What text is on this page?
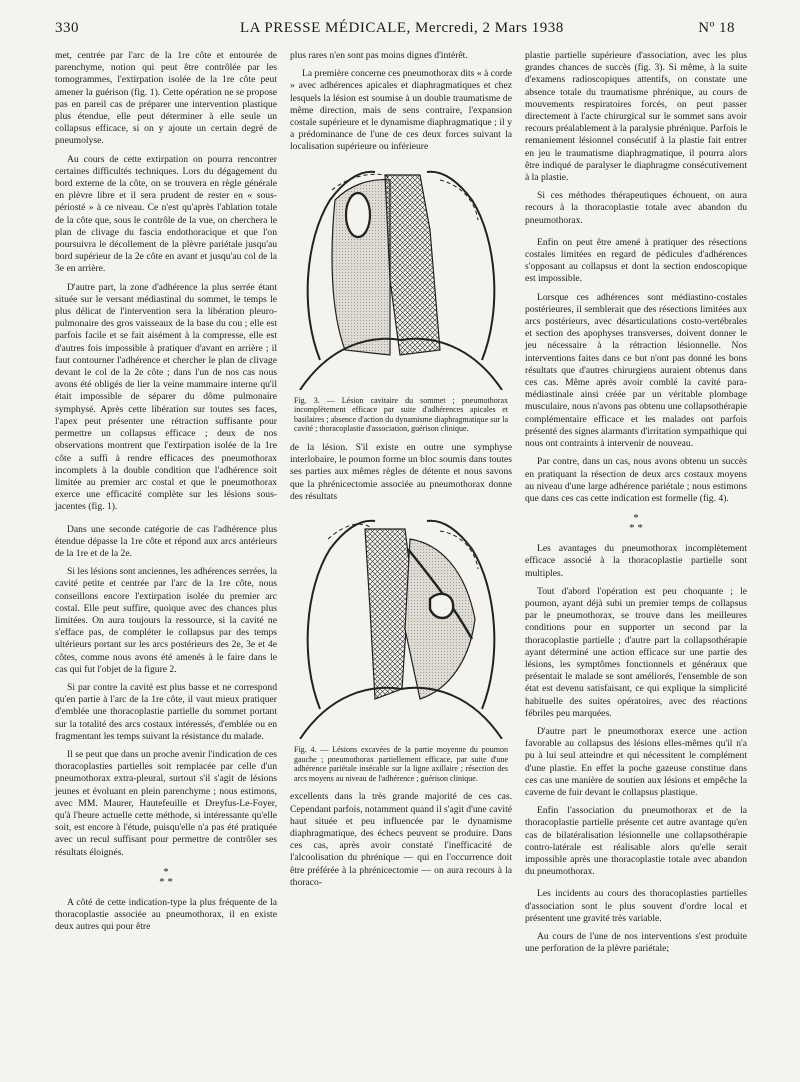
330	LA PRESSE MÉDICALE, Mercredi, 2 Mars 1938	Nº 18

met, centrée par l'arc de la 1re côte et entourée de parenchyme, notion qui peut être contrôlée par les tomogrammes, l'extirpation isolée de la 1re côte peut amener la guérison (fig. 1). Cette opération ne se propose pas en pareil cas de préparer une intervention plastique plus étendue, elle peut déterminer à elle seule un collapsus efficace, si on y ajoute un certain degré de pneumolyse.

Au cours de cette extirpation on pourra rencontrer certaines difficultés techniques. Lors du dégagement du bord externe de la côte, on se trouvera en règle générale en plèvre libre et il sera prudent de rester en « sous-périosté » à ce niveau. Ce n'est qu'après l'ablation totale de la côte que, sous le contrôle de la vue, on cherchera le plan de clivage du fascia endothoracique et que l'on poursuivra le décollement de la plèvre pariétale jusqu'au bord supérieur de la 2e côte en avant et jusqu'au col de la 3e en arrière.

D'autre part, la zone d'adhérence la plus serrée étant située sur le versant médiastinal du sommet, le temps le plus délicat de l'intervention sera la libération pleuro-pulmonaire des gros vaisseaux de la base du cou ; elle est parfois facile et se fait aisément à la compresse, elle est d'autres fois impossible à pratiquer d'avant en arrière ; il faut contourner l'adhérence et chercher le plan de clivage devant le col de la 2e côte ; dans l'un de nos cas nous avons été obligés de lier la veine mammaire interne qu'il était impossible de séparer du dôme pulmonaire symphysé. Après cette libération sur toutes ses faces, l'apex peut présenter une rétraction suffisante pour permettre un collapsus efficace ; deux de nos observations montrent que l'extirpation isolée de la 1re côte a suffi à rendre efficaces des pneumothorax incomplets à la double condition que l'adhérence soit limitée au premier arc costal et que le pneumothorax exerce une efficacité complète sur les lésions sous-jacentes (fig. 1).

Dans une seconde catégorie de cas l'adhérence plus étendue dépasse la 1re côte et répond aux arcs antérieurs de la 1re et de la 2e.

Si les lésions sont anciennes, les adhérences serrées, la cavité petite et centrée par l'arc de la 1re côte, nous conseillons encore l'extirpation isolée du premier arc costal. Elle peut suffire, quoique avec des chances plus limitées. On aura toujours la ressource, si la cavité ne s'efface pas, de compléter le collapsus par des temps ultérieurs portant sur les arcs postérieurs des 2e, 3e et 4e côtes, comme nous avons été amenés à le faire dans le cas qui fut l'objet de la figure 2.

Si par contre la cavité est plus basse et ne correspond qu'en partie à l'arc de la 1re côte, il vaut mieux pratiquer d'emblée une thoracoplastie partielle du sommet portant sur la totalité des arcs costaux intéressés, d'emblée ou en fragmentant les temps suivant la résistance du malade.

Il se peut que dans un proche avenir l'indication de ces thoracoplasties partielles soit remplacée par celle d'un pneumothorax extra-pleural, surtout s'il s'agit de lésions jeunes et évoluant en plein parenchyme ; nous estimons, avec MM. Maurer, Hautefeuille et Dreyfus-Le-Foyer, qu'à l'heure actuelle cette méthode, si intéressante qu'elle soit, est encore à l'étude, puisqu'elle n'a pas été pratiquée avec un recul suffisant pour permettre de contrôler ses résultats éloignés.

*
* *

A côté de cette indication-type la plus fréquente de la thoracoplastie associée au pneumothorax, il en existe deux autres qui pour être

plus rares n'en sont pas moins dignes d'intérêt.

La première concerne ces pneumothorax dits « à corde » avec adhérences apicales et diaphragmatiques et chez lesquels la lésion est soumise à un double traumatisme de même direction, mais de sens contraire, l'expansion costale supérieure et le dynamisme diaphragmatique ; il y a prédominance de l'une de ces deux forces suivant la localisation supérieure ou inférieure

Fig. 3. — Lésion cavitaire du sommet ; pneumothorax incomplètement efficace par suite d'adhérences apicales et basilaires ; absence d'action du dynamisme diaphragmatique sur la cavité ; thoracoplastie d'association, guérison clinique.

de la lésion. S'il existe en outre une symphyse interlobaire, le poumon forme un bloc soumis dans toutes ses parties aux mêmes règles de détente et nous savons que la phrénicectomie associée au pneumothorax donne des résultats

Fig. 4. — Lésions excavées de la partie moyenne du poumon gauche ; pneumothorax partiellement efficace, par suite d'une adhérence pariétale insécable sur la ligne axillaire ; résection des arcs moyens au niveau de l'adhérence ; guérison clinique.

excellents dans la très grande majorité de ces cas. Cependant parfois, notamment quand il s'agit d'une cavité haut située et peu influencée par le dynamisme diaphragmatique, des échecs peuvent se produire. Dans ces cas, après avoir constaté l'inefficacité de l'alcoolisation du phrénique — qui en l'occurrence doit être préférée à la phrénicectomie — on aura recours à la thoraco-

plastie partielle supérieure d'association, avec les plus grandes chances de succès (fig. 3). Si même, à la suite d'examens radioscopiques attentifs, on constate une absence totale du traumatisme phrénique, au cours de mouvements respiratoires forcés, on peut passer directement à l'acte chirurgical sur le sommet sans avoir recours préalablement à la paralysie phrénique. Parfois le remaniement lésionnel consécutif à la plastie fait entrer en jeu le traumatisme diaphragmatique, il pourra alors être indiqué de paralyser le diaphragme consécutivement à la plastie.

Si ces méthodes thérapeutiques échouent, on aura recours à la thoracoplastie totale avec abandon du pneumothorax.

Enfin on peut être amené à pratiquer des résections costales limitées en regard de pédicules d'adhérences s'opposant au collapsus et dont la section endoscopique est impossible.

Lorsque ces adhérences sont médiastino-costales postérieures, il semblerait que des résections limitées aux arcs postérieurs, avec désarticulations costo-vertébrales et section des apophyses transverses, doivent donner le jeu nécessaire à la rétraction lésionnelle. Nos interventions faites dans ce but n'ont pas donné les bons résultats que d'autres chirurgiens auraient obtenus dans ces cas. Même après avoir comblé la cavité para-médiastinale ainsi créée par un véritable plombage musculaire, nous n'avons pas obtenu une collapsothérapie complémentaire efficace et les malades ont parfois présenté des signes alarmants d'irritation sympathique qui nous ont contraints à intervenir de nouveau.

Par contre, dans un cas, nous avons obtenu un succès en pratiquant la résection de deux arcs costaux moyens au niveau d'une large adhérence pariétale ; nous estimons que dans ces cas cette indication est formelle (fig. 4).

*
* *

Les avantages du pneumothorax incomplètement efficace associé à la thoracoplastie partielle sont multiples.

Tout d'abord l'opération est peu choquante ; le poumon, ayant déjà subi un premier temps de collapsus par le pneumothorax, se trouve dans les meilleures conditions pour en supporter un second par la thoracoplastie partielle ; d'autre part la collapsothérapie ayant déterminé une action efficace sur une partie des lésions, les symptômes fonctionnels et généraux que présentait le malade se sont améliorés, l'ensemble de son état est devenu satisfaisant, ce qui explique la simplicité habituelle des suites opératoires, avec des réactions fébriles peu marquées.

D'autre part le pneumothorax exerce une action favorable au collapsus des lésions elles-mêmes qu'il n'a pu à lui seul atteindre et qui nécessitent le complément d'une plastie. En effet la poche gazeuse constitue dans ces cas une manière de soutien aux lésions et empêche la caverne de fuir devant le collapsus plastique.

Enfin l'association du pneumothorax et de la thoracoplastie partielle présente cet autre avantage qu'en cas de bilatéralisation lésionnelle une collapsothérapie contro-latérale est réalisable alors qu'elle serait impossible après une thoracoplastie totale avec abandon du pneumothorax.

Les incidents au cours des thoracoplasties partielles d'association sont le plus souvent d'ordre local et présentent une gravité très variable.

Au cours de l'une de nos interventions s'est produite une perforation de la plèvre pariétale;
